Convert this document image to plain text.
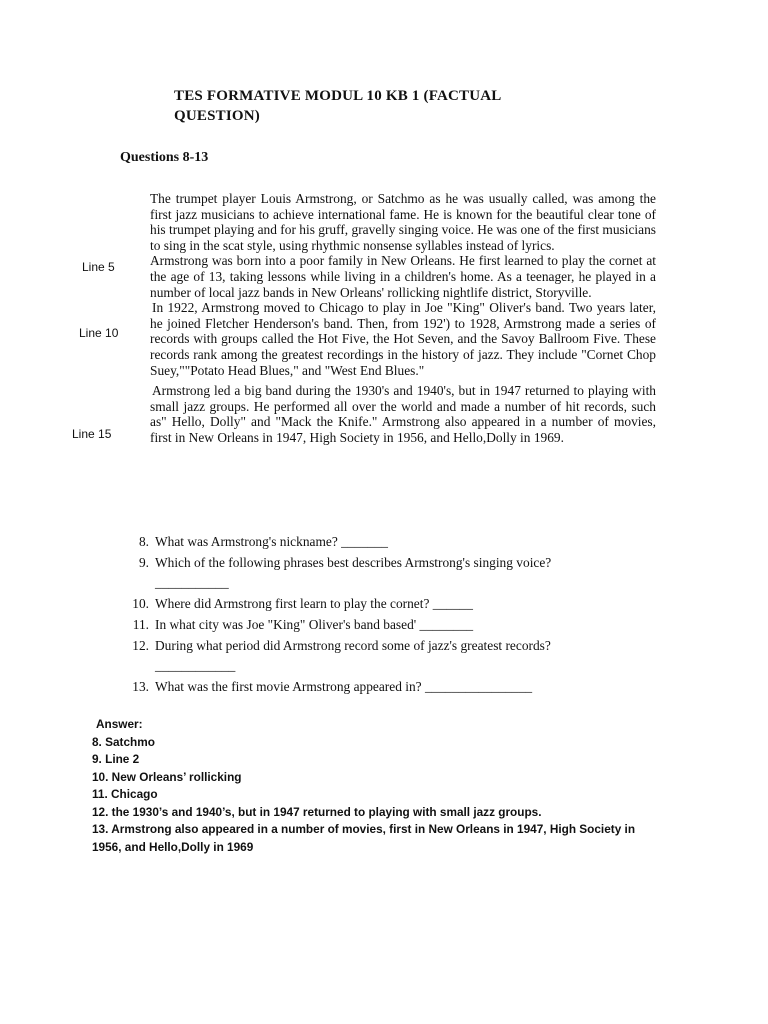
TES FORMATIVE MODUL 10 KB 1 (FACTUAL
QUESTION)
Questions 8-13
Line 5
Line 10
Line 15

The trumpet player Louis Armstrong, or Satchmo as he was usually called, was among the first jazz musicians to achieve international fame. He is known for the beautiful clear tone of his trumpet playing and for his gruff, gravelly singing voice. He was one of the first musicians to sing in the scat style, using rhythmic nonsense syllables instead of lyrics.

Armstrong was born into a poor family in New Orleans. He first learned to play the cornet at the age of 13, taking lessons while living in a children's home. As a teenager, he played in a number of local jazz bands in New Orleans' rollicking nightlife district, Storyville.

In 1922, Armstrong moved to Chicago to play in Joe "King" Oliver's band. Two years later, he joined Fletcher Henderson's band. Then, from 192') to 1928, Armstrong made a series of records with groups called the Hot Five, the Hot Seven, and the Savoy Ballroom Five. These records rank among the greatest recordings in the history of jazz. They include "Cornet Chop Suey,""Potato Head Blues," and "West End Blues."

Armstrong led a big band during the 1930's and 1940's, but in 1947 returned to playing with small jazz groups. He performed all over the world and made a number of hit records, such as" Hello, Dolly" and "Mack the Knife." Armstrong also appeared in a number of movies, first in New Orleans in 1947, High Society in 1956, and Hello,Dolly in 1969.

8. What was Armstrong's nickname? _______
9. Which of the following phrases best describes Armstrong's singing voice?___________
10. Where did Armstrong first learn to play the cornet? ______
11. In what city was Joe "King" Oliver's band based' ________
12. During what period did Armstrong record some of jazz's greatest records?____________
13. What was the first movie Armstrong appeared in? ________________
Answer:
8. Satchmo
9. Line 2
10. New Orleans’ rollicking
11. Chicago
12. the 1930’s and 1940’s, but in 1947 returned to playing with small jazz groups.
13. Armstrong also appeared in a number of movies, first in New Orleans in 1947, High Society in 1956, and Hello,Dolly in 1969
